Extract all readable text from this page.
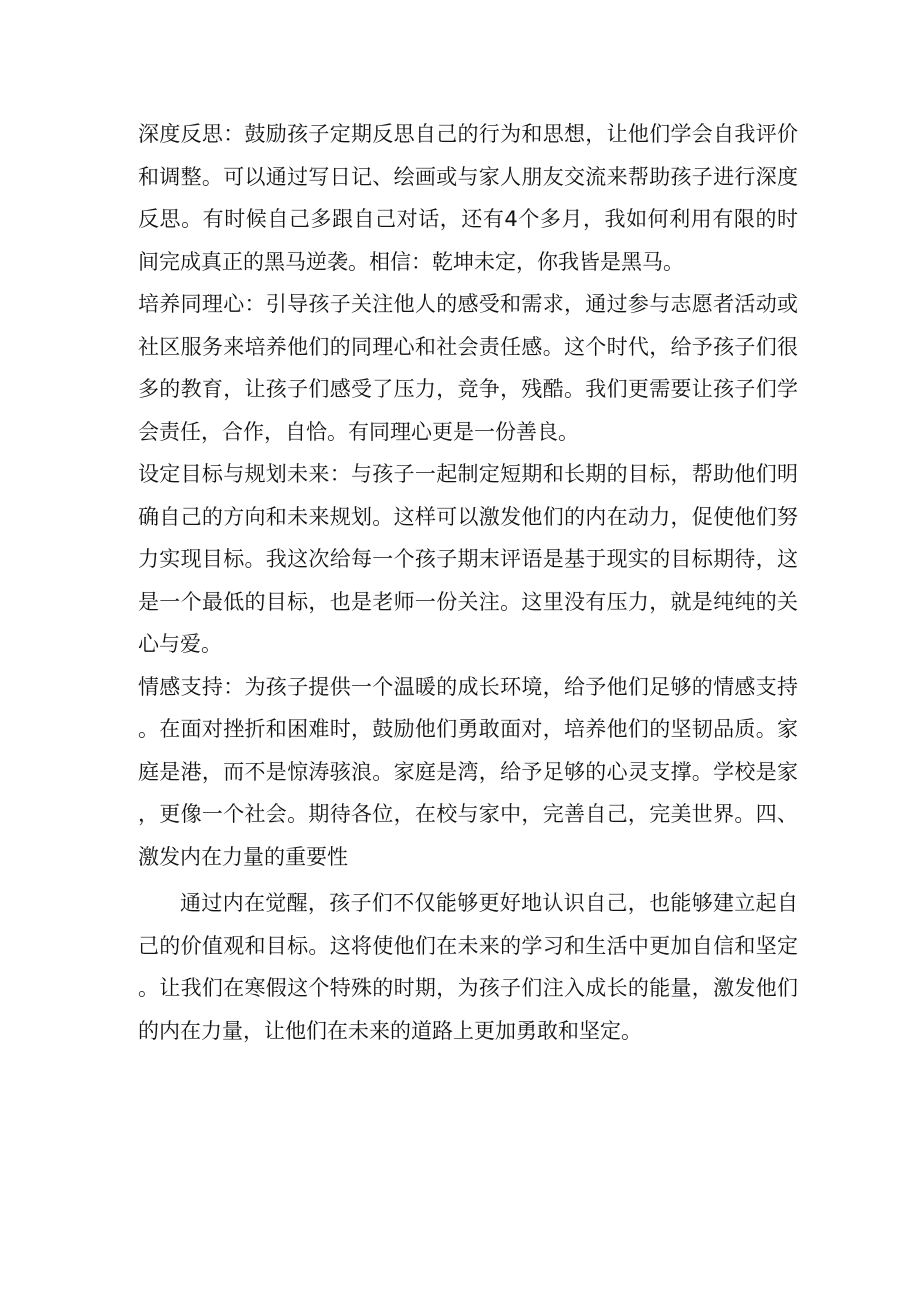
深度反思：鼓励孩子定期反思自己的行为和思想，让他们学会自我评价和调整。可以通过写日记、绘画或与家人朋友交流来帮助孩子进行深度反思。有时候自己多跟自己对话，还有4个多月，我如何利用有限的时间完成真正的黑马逆袭。相信：乾坤未定，你我皆是黑马。

培养同理心：引导孩子关注他人的感受和需求，通过参与志愿者活动或社区服务来培养他们的同理心和社会责任感。这个时代，给予孩子们很多的教育，让孩子们感受了压力，竞争，残酷。我们更需要让孩子们学会责任，合作，自恰。有同理心更是一份善良。

设定目标与规划未来：与孩子一起制定短期和长期的目标，帮助他们明确自己的方向和未来规划。这样可以激发他们的内在动力，促使他们努力实现目标。我这次给每一个孩子期末评语是基于现实的目标期待，这是一个最低的目标，也是老师一份关注。这里没有压力，就是纯纯的关心与爱。

情感支持：为孩子提供一个温暖的成长环境，给予他们足够的情感支持。在面对挫折和困难时，鼓励他们勇敢面对，培养他们的坚韧品质。家庭是港，而不是惊涛骇浪。家庭是湾，给予足够的心灵支撑。学校是家，更像一个社会。期待各位，在校与家中，完善自己，完美世界。四、激发内在力量的重要性

通过内在觉醒，孩子们不仅能够更好地认识自己，也能够建立起自己的价值观和目标。这将使他们在未来的学习和生活中更加自信和坚定。让我们在寒假这个特殊的时期，为孩子们注入成长的能量，激发他们的内在力量，让他们在未来的道路上更加勇敢和坚定。
